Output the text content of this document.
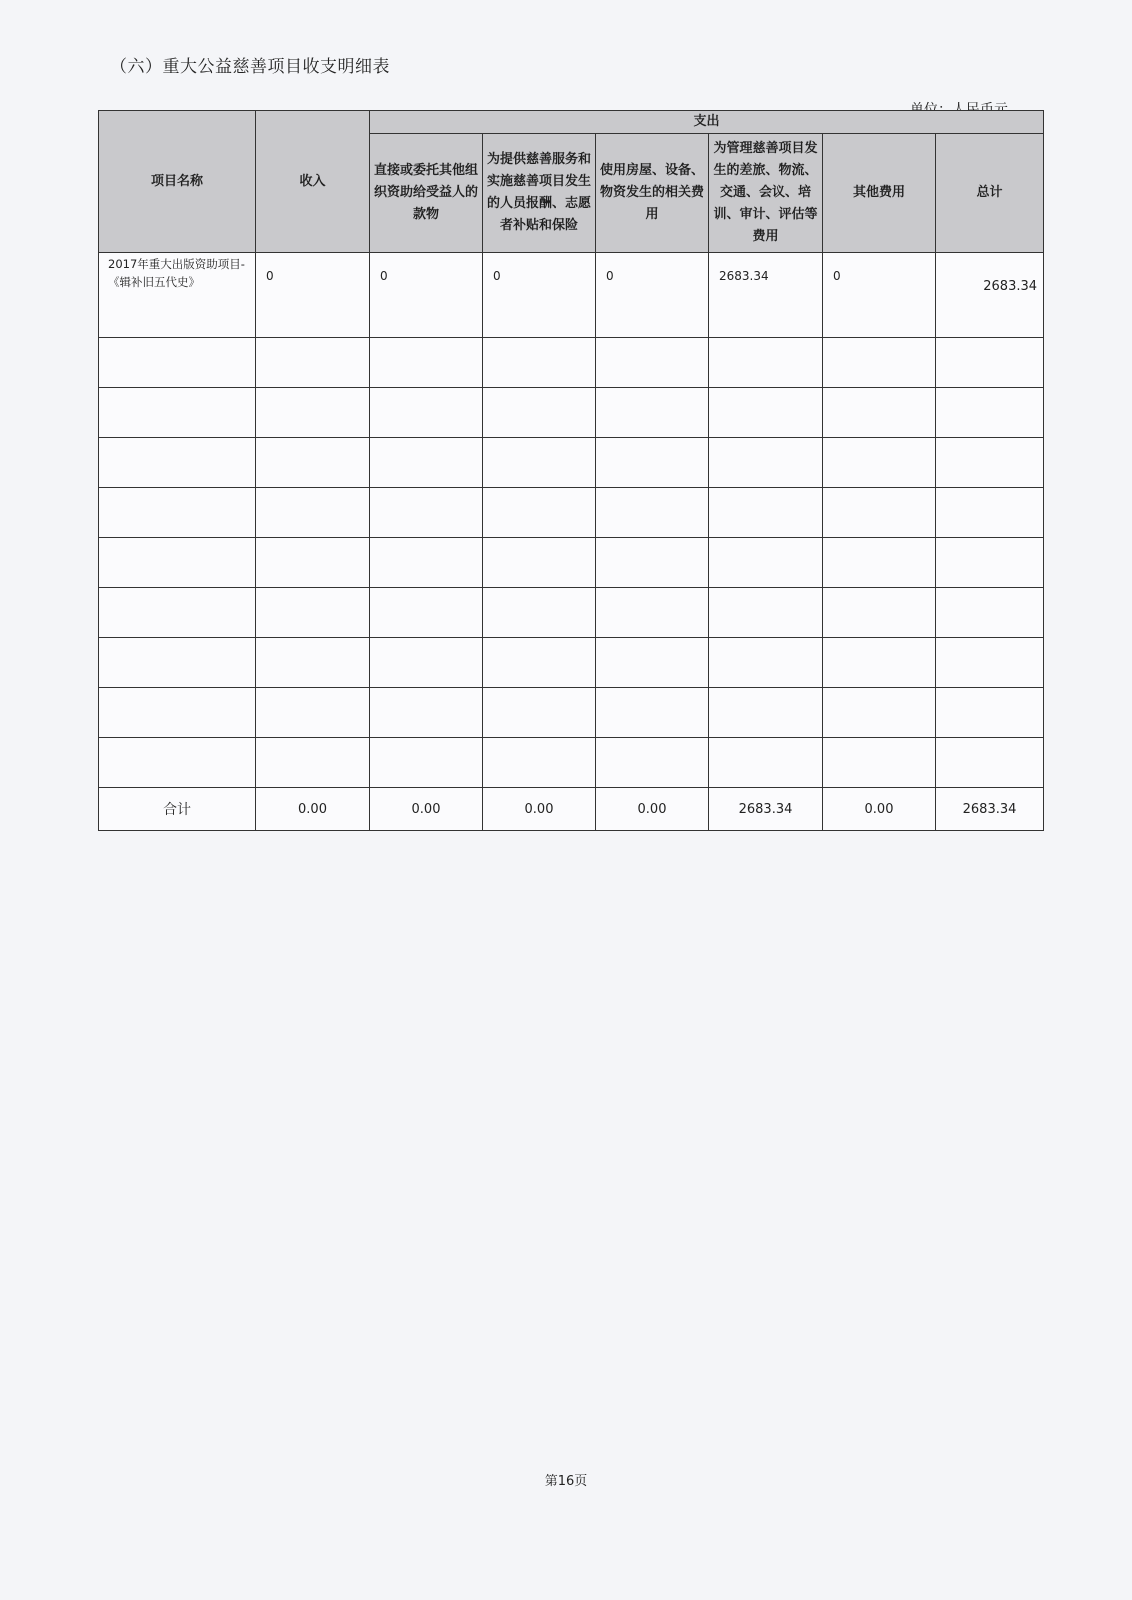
（六）重大公益慈善项目收支明细表
项目名称	收入	支出					
		直接或委托其他组织资助给受益人的款物	为提供慈善服务和实施慈善项目发生的人员报酬、志愿者补贴和保险	使用房屋、设备、物资发生的相关费用	为管理慈善项目发生的差旅、物流、交通、会议、培训、审计、评估等费用	其他费用	总计
2017年重大出版资助项目-《辑补旧五代史》	0	0	0	0	2683.34	0	2683.34

合计	0.00	0.00	0.00	0.00	2683.34	0.00	2683.34
第16页
